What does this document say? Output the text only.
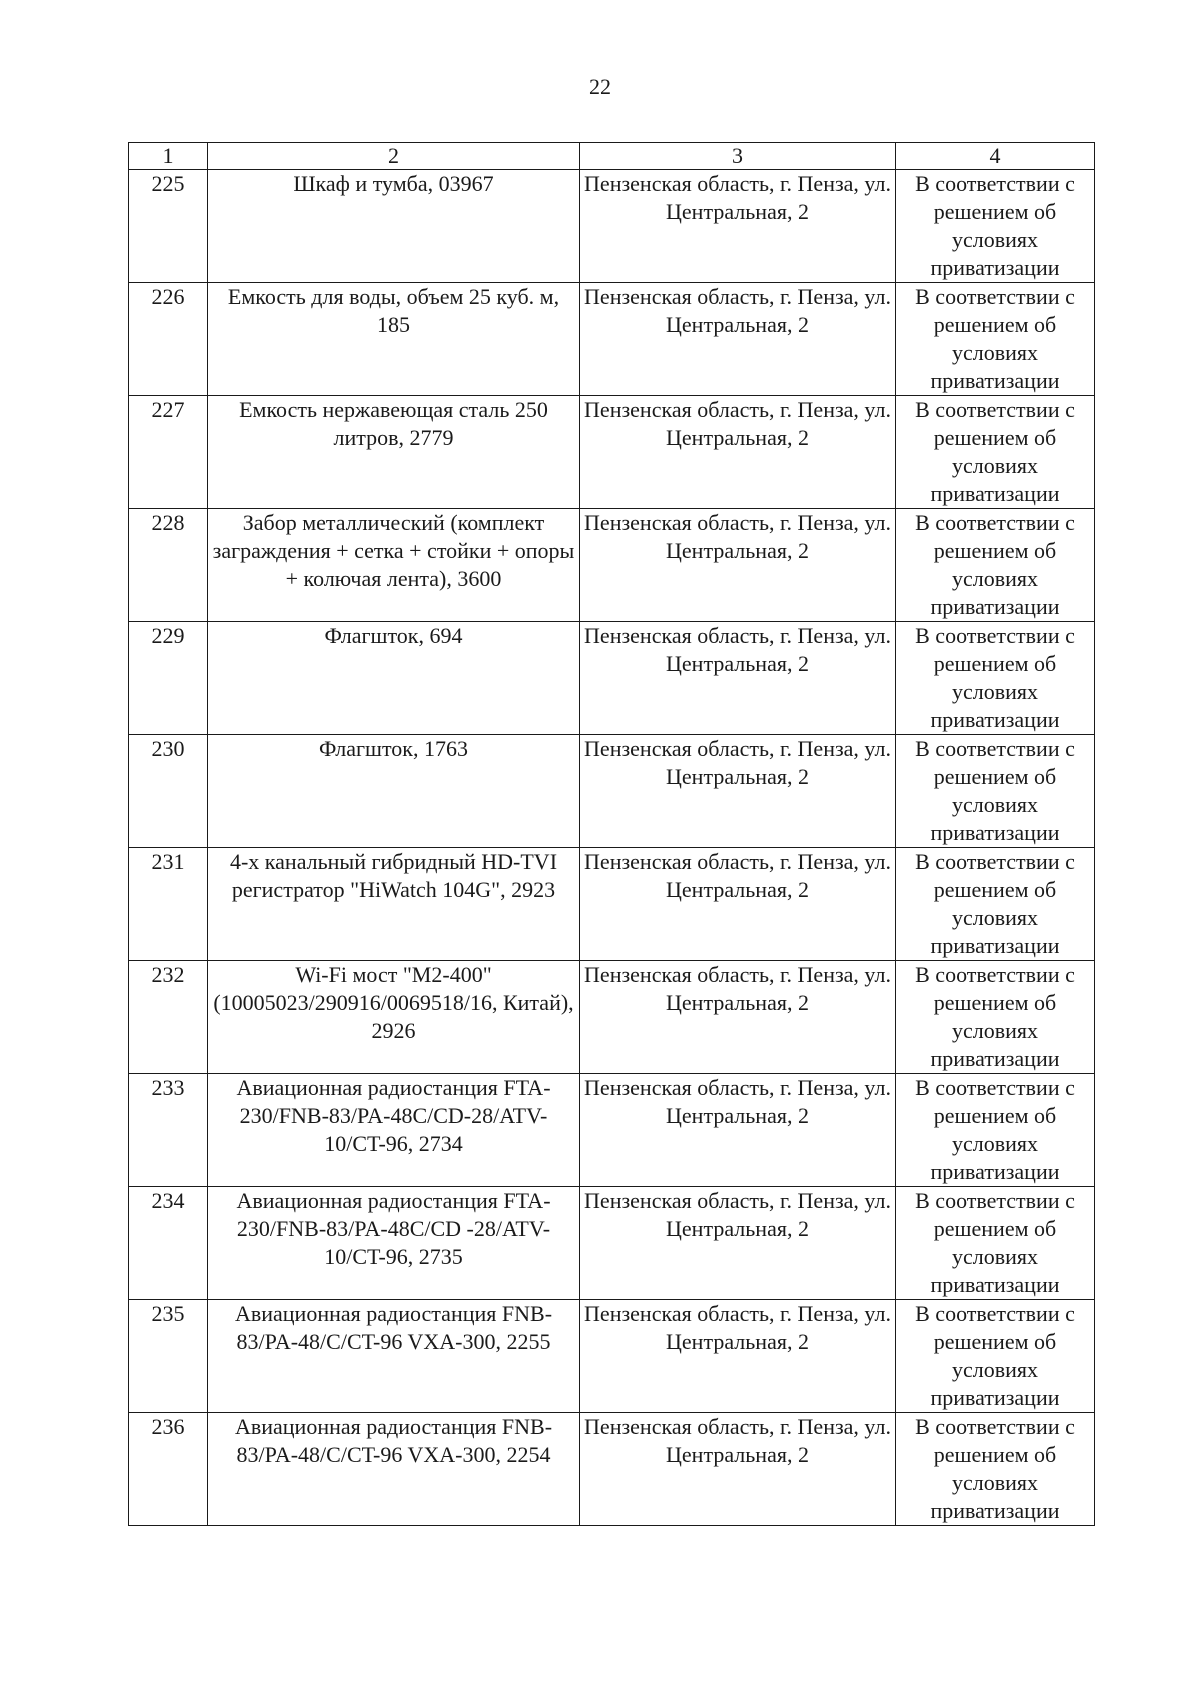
22
1	2	3	4
225	Шкаф и тумба, 03967	Пензенская область, г. Пенза, ул. Центральная, 2	В соответствии с решением об условиях приватизации
226	Емкость для воды, объем 25 куб. м, 185	Пензенская область, г. Пенза, ул. Центральная, 2	В соответствии с решением об условиях приватизации
227	Емкость нержавеющая сталь 250 литров, 2779	Пензенская область, г. Пенза, ул. Центральная, 2	В соответствии с решением об условиях приватизации
228	Забор металлический (комплект заграждения + сетка + стойки + опоры + колючая лента), 3600	Пензенская область, г. Пенза, ул. Центральная, 2	В соответствии с решением об условиях приватизации
229	Флагшток, 694	Пензенская область, г. Пенза, ул. Центральная, 2	В соответствии с решением об условиях приватизации
230	Флагшток, 1763	Пензенская область, г. Пенза, ул. Центральная, 2	В соответствии с решением об условиях приватизации
231	4-х канальный гибридный HD-TVI регистратор "HiWatch 104G", 2923	Пензенская область, г. Пенза, ул. Центральная, 2	В соответствии с решением об условиях приватизации
232	Wi-Fi мост "M2-400" (10005023/290916/0069518/16, Китай), 2926	Пензенская область, г. Пенза, ул. Центральная, 2	В соответствии с решением об условиях приватизации
233	Авиационная радиостанция FTA-230/FNB-83/PA-48C/CD-28/ATV-10/CT-96, 2734	Пензенская область, г. Пенза, ул. Центральная, 2	В соответствии с решением об условиях приватизации
234	Авиационная радиостанция FTA-230/FNB-83/PA-48C/CD -28/ATV-10/CT-96, 2735	Пензенская область, г. Пенза, ул. Центральная, 2	В соответствии с решением об условиях приватизации
235	Авиационная радиостанция FNB-83/PA-48/C/CT-96 VXA-300, 2255	Пензенская область, г. Пенза, ул. Центральная, 2	В соответствии с решением об условиях приватизации
236	Авиационная радиостанция FNB-83/PA-48/C/CT-96 VXA-300, 2254	Пензенская область, г. Пенза, ул. Центральная, 2	В соответствии с решением об условиях приватизации
